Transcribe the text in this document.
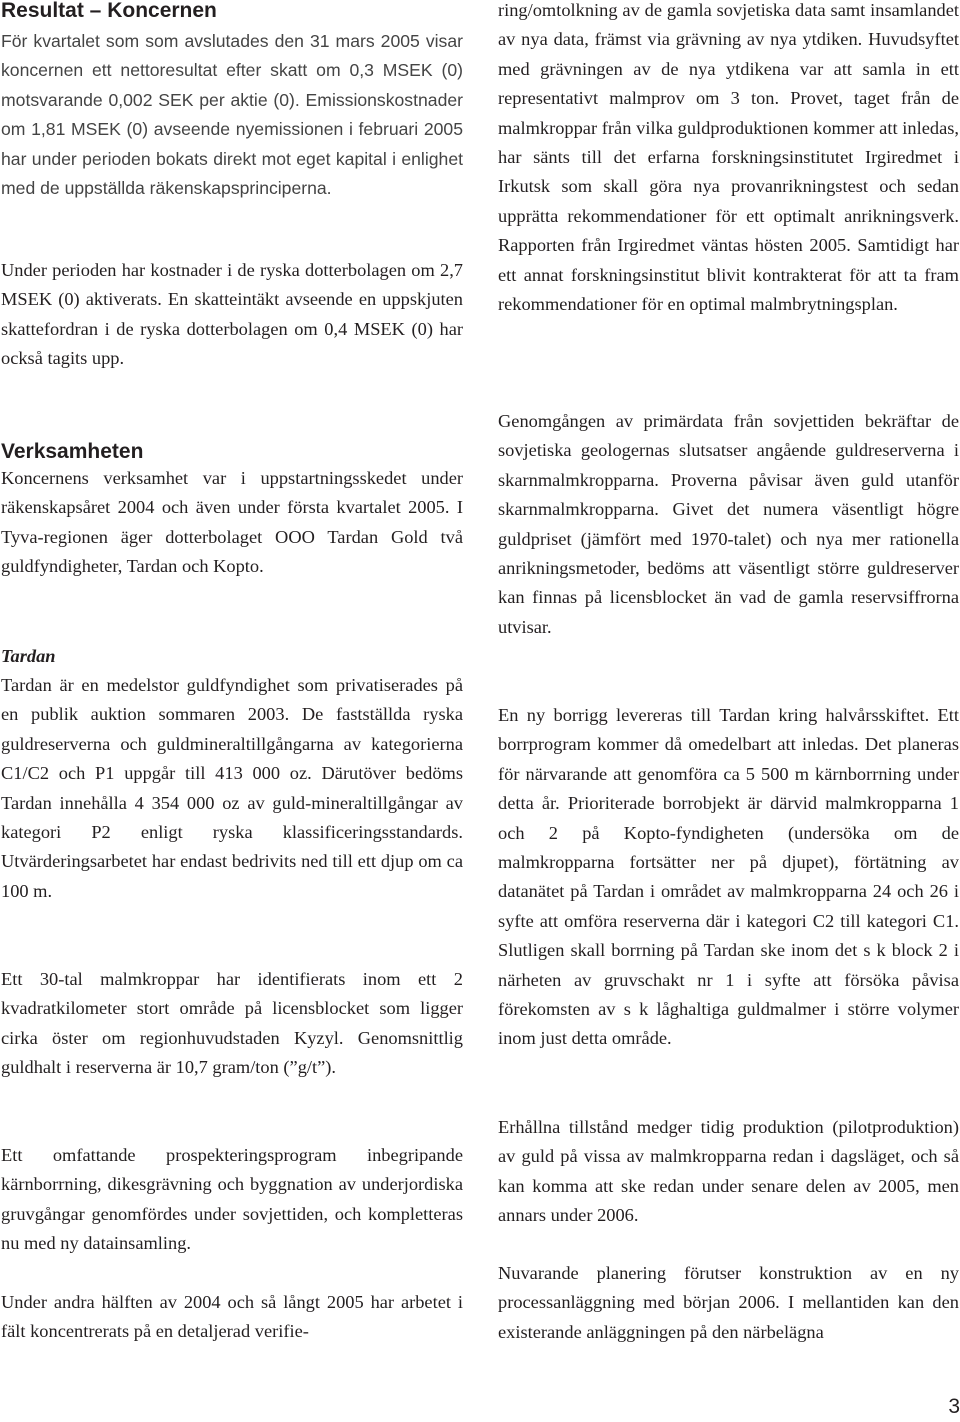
Resultat – Koncernen

För kvartalet som som avslutades den 31 mars 2005 visar koncernen ett nettoresultat efter skatt om 0,3 MSEK (0) motsvarande 0,002 SEK per aktie (0). Emissionskostnader om 1,81 MSEK (0) avseende nyemissionen i februari 2005 har under perioden bokats direkt mot eget kapital i enlighet med de uppställda räkenskapsprinciperna.

Under perioden har kostnader i de ryska dotterbolagen om 2,7 MSEK (0) aktiverats. En skatteintäkt avseende en uppskjuten skattefordran i de ryska dotterbolagen om 0,4 MSEK (0) har också tagits upp.

Verksamheten

Koncernens verksamhet var i uppstartningsskedet under räkenskapsåret 2004 och även under första kvartalet 2005. I Tyva-regionen äger dotterbolaget OOO Tardan Gold två guldfyndigheter, Tardan och Kopto.

Tardan

Tardan är en medelstor guldfyndighet som privatiserades på en publik auktion sommaren 2003. De fastställda ryska guldreserverna och guldmineraltillgångarna av kategorierna C1/C2 och P1 uppgår till 413 000 oz. Därutöver bedöms Tardan innehålla 4 354 000 oz av guld-mineraltillgångar av kategori P2 enligt ryska klassificeringsstandards. Utvärderingsarbetet har endast bedrivits ned till ett djup om ca 100 m.

Ett 30-tal malmkroppar har identifierats inom ett 2 kvadratkilometer stort område på licensblocket som ligger cirka öster om regionhuvudstaden Kyzyl. Genomsnittlig guldhalt i reserverna är 10,7 gram/ton (”g/t”).

Ett omfattande prospekteringsprogram inbegripande kärnborrning, dikesgrävning och byggnation av underjordiska gruvgångar genomfördes under sovjettiden, och kompletteras nu med ny datainsamling.

Under andra hälften av 2004 och så långt 2005 har arbetet i fält koncentrerats på en detaljerad verifie-

ring/omtolkning av de gamla sovjetiska data samt insamlandet av nya data, främst via grävning av nya ytdiken. Huvudsyftet med grävningen av de nya ytdikena var att samla in ett representativt malmprov om 3 ton. Provet, taget från de malmkroppar från vilka guldproduktionen kommer att inledas, har sänts till det erfarna forskningsinstitutet Irgiredmet i Irkutsk som skall göra nya provanrikningstest och sedan upprätta rekommendationer för ett optimalt anrikningsverk. Rapporten från Irgiredmet väntas hösten 2005. Samtidigt har ett annat forskningsinstitut blivit kontrakterat för att ta fram rekommendationer för en optimal malmbrytningsplan.

Genomgången av primärdata från sovjettiden bekräftar de sovjetiska geologernas slutsatser angående guldreserverna i skarnmalmkropparna. Proverna påvisar även guld utanför skarnmalmkropparna. Givet det numera väsentligt högre guldpriset (jämfört med 1970-talet) och nya mer rationella anrikningsmetoder, bedöms att väsentligt större guldreserver kan finnas på licensblocket än vad de gamla reservsiffrorna utvisar.

En ny borrigg levereras till Tardan kring halvårsskiftet. Ett borrprogram kommer då omedelbart att inledas. Det planeras för närvarande att genomföra ca 5 500 m kärnborrning under detta år. Prioriterade borrobjekt är därvid malmkropparna 1 och 2 på Kopto-fyndigheten (undersöka om de malmkropparna fortsätter ner på djupet), förtätning av datanätet på Tardan i området av malmkropparna 24 och 26 i syfte att omföra reserverna där i kategori C2 till kategori C1. Slutligen skall borrning på Tardan ske inom det s k block 2 i närheten av gruvschakt nr 1 i syfte att försöka påvisa förekomsten av s k låghaltiga guldmalmer i större volymer inom just detta område.

Erhållna tillstånd medger tidig produktion (pilotproduktion) av guld på vissa av malmkropparna redan i dagsläget, och så kan komma att ske redan under senare delen av 2005, men annars under 2006.

Nuvarande planering förutser konstruktion av en ny processanläggning med början 2006. I mellantiden kan den existerande anläggningen på den närbelägna

3
